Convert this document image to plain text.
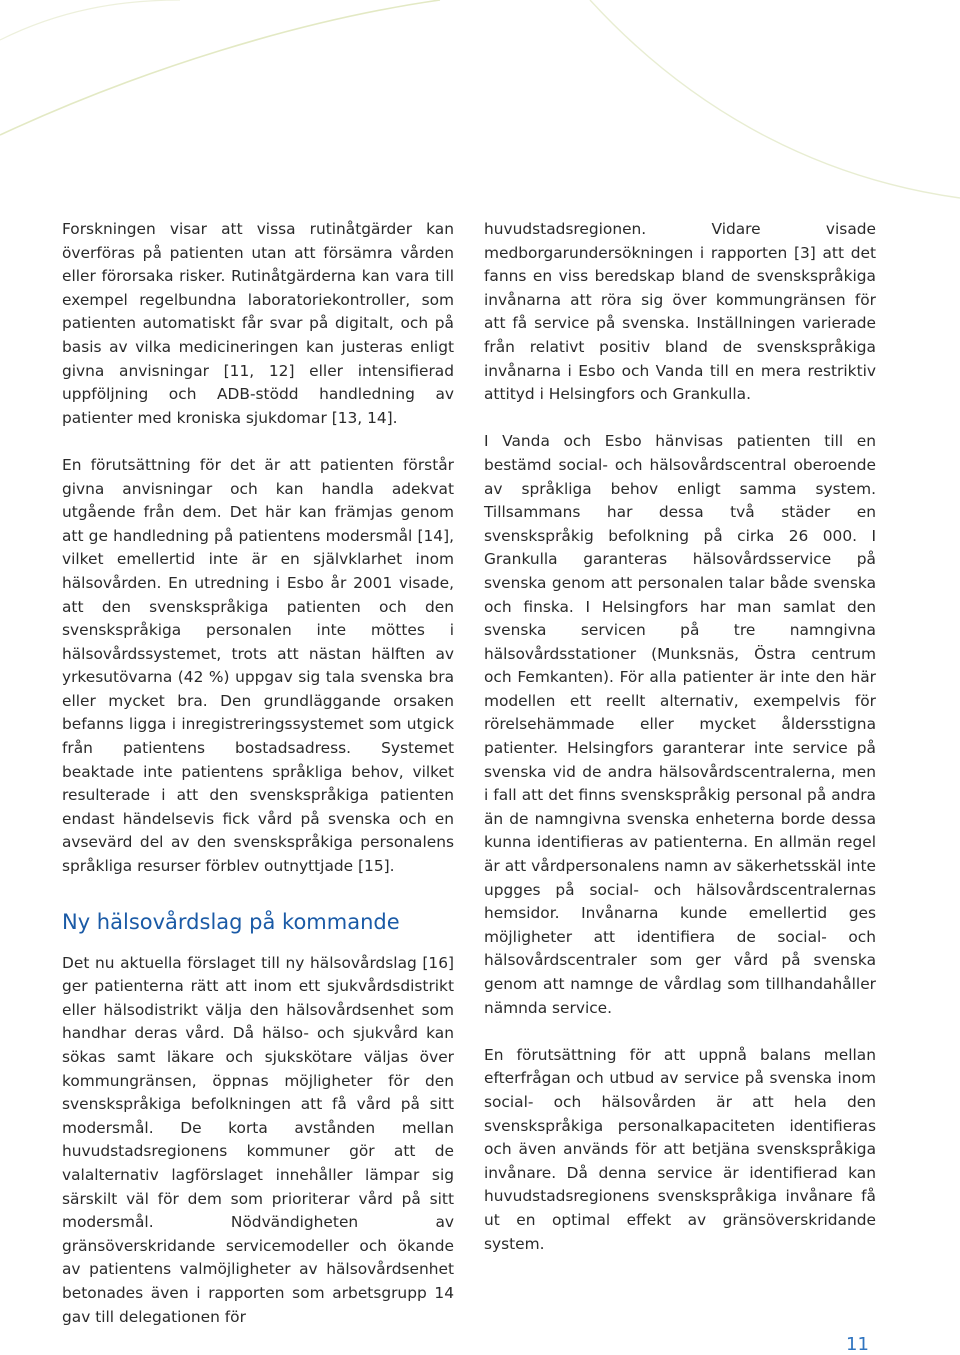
Forskningen visar att vissa rutinåtgärder kan överföras på patienten utan att försämra vården eller förorsaka risker. Rutinåtgärderna kan vara till exempel regelbundna laboratoriekontroller, som patienten automatiskt får svar på digitalt, och på basis av vilka medicineringen kan justeras enligt givna anvisningar [11, 12] eller intensifierad uppföljning och ADB-stödd handledning av patienter med kroniska sjukdomar [13, 14].

En förutsättning för det är att patienten förstår givna anvisningar och kan handla adekvat utgående från dem. Det här kan främjas genom att ge handledning på patientens modersmål [14], vilket emellertid inte är en självklarhet inom hälsovården. En utredning i Esbo år 2001 visade, att den svenskspråkiga patienten och den svenskspråkiga personalen inte möttes i hälsovårdssystemet, trots att nästan hälften av yrkesutövarna (42 %) uppgav sig tala svenska bra eller mycket bra. Den grundläggande orsaken befanns ligga i inregistreringssystemet som utgick från patientens bostadsadress. Systemet beaktade inte patientens språkliga behov, vilket resulterade i att den svenskspråkiga patienten endast händelsevis fick vård på svenska och en avsevärd del av den svenskspråkiga personalens språkliga resurser förblev outnyttjade [15].

Ny hälsovårdslag på kommande

Det nu aktuella förslaget till ny hälsovårdslag [16] ger patienterna rätt att inom ett sjukvårdsdistrikt eller hälsodistrikt välja den hälsovårdsenhet som handhar deras vård. Då hälso- och sjukvård kan sökas samt läkare och sjukskötare väljas över kommungränsen, öppnas möjligheter för den svenskspråkiga befolkningen att få vård på sitt modersmål. De korta avstånden mellan huvudstadsregionens kommuner gör att de valalternativ lagförslaget innehåller lämpar sig särskilt väl för dem som prioriterar vård på sitt modersmål. Nödvändigheten av gränsöverskridande servicemodeller och ökande av patientens valmöjligheter av hälsovårdsenhet betonades även i rapporten som arbetsgrupp 14 gav till delegationen för

huvudstadsregionen. Vidare visade medborgarundersökningen i rapporten [3] att det fanns en viss beredskap bland de svenskspråkiga invånarna att röra sig över kommungränsen för att få service på svenska. Inställningen varierade från relativt positiv bland de svenskspråkiga invånarna i Esbo och Vanda till en mera restriktiv attityd i Helsingfors och Grankulla.

I Vanda och Esbo hänvisas patienten till en bestämd social- och hälsovårdscentral oberoende av språkliga behov enligt samma system. Tillsammans har dessa två städer en svenskspråkig befolkning på cirka 26 000. I Grankulla garanteras hälsovårdsservice på svenska genom att personalen talar både svenska och finska. I Helsingfors har man samlat den svenska servicen på tre namngivna hälsovårdsstationer (Munksnäs, Östra centrum och Femkanten). För alla patienter är inte den här modellen ett reellt alternativ, exempelvis för rörelsehämmade eller mycket åldersstigna patienter. Helsingfors garanterar inte service på svenska vid de andra hälsovårdscentralerna, men i fall att det finns svenskspråkig personal på andra än de namngivna svenska enheterna borde dessa kunna identifieras av patienterna. En allmän regel är att vårdpersonalens namn av säkerhetsskäl inte upgges på social- och hälsovårdscentralernas hemsidor. Invånarna kunde emellertid ges möjligheter att identifiera de social- och hälsovårdscentraler som ger vård på svenska genom att namnge de vårdlag som tillhandahåller nämnda service.

En förutsättning för att uppnå balans mellan efterfrågan och utbud av service på svenska inom social- och hälsovården är att hela den svenskspråkiga personalkapaciteten identifieras och även används för att betjäna svenskspråkiga invånare. Då denna service är identifierad kan huvudstadsregionens svenskspråkiga invånare få ut en optimal effekt av gränsöverskridande system.

11
